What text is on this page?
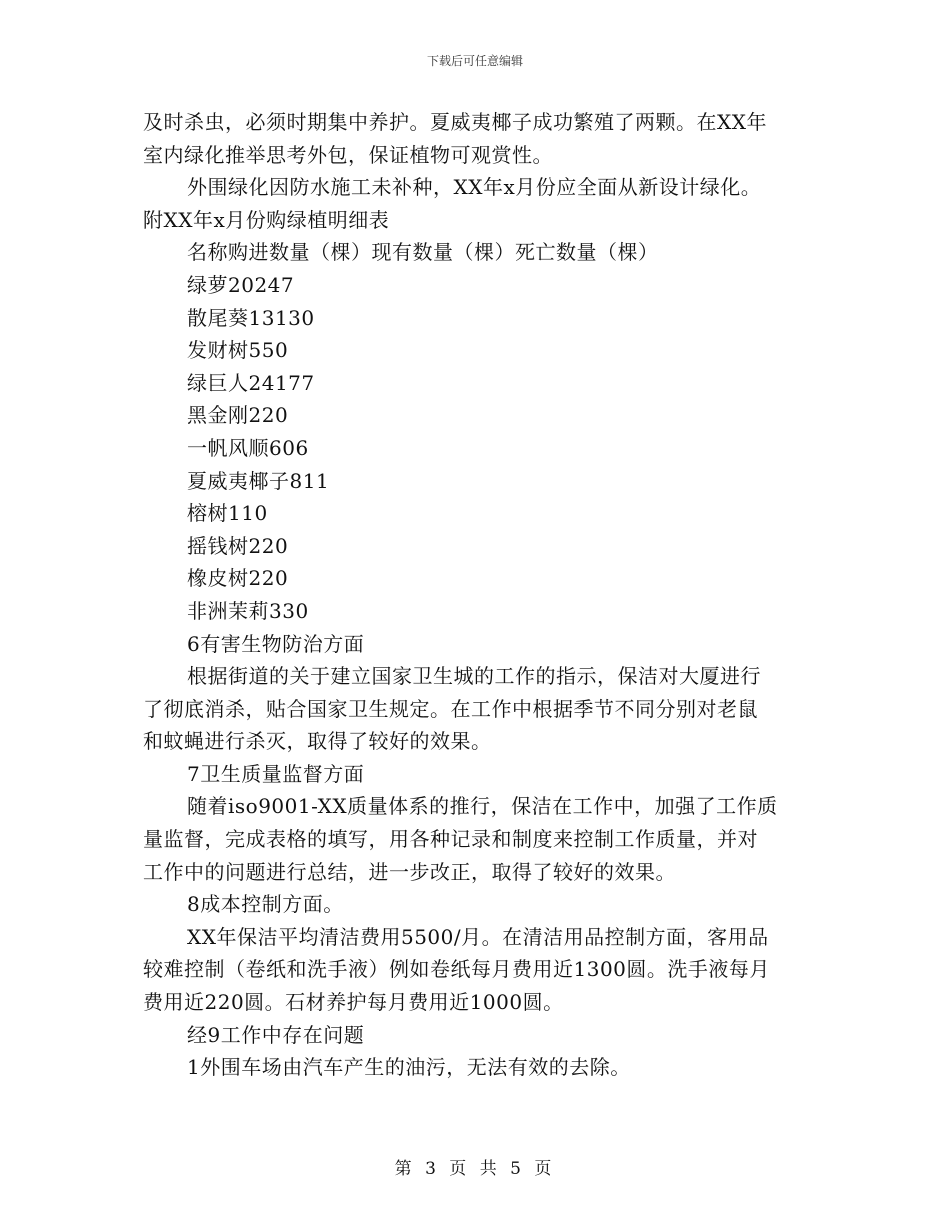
下载后可任意编辑
及时杀虫，必须时期集中养护。夏威夷椰子成功繁殖了两颗。在XX年
室内绿化推举思考外包，保证植物可观赏性。
外围绿化因防水施工未补种，XX年x月份应全面从新设计绿化。
附XX年x月份购绿植明细表
名称购进数量（棵）现有数量（棵）死亡数量（棵）
绿萝20247
散尾葵13130
发财树550
绿巨人24177
黑金刚220
一帆风顺606
夏威夷椰子811
榕树110
摇钱树220
橡皮树220
非洲茉莉330
6有害生物防治方面
根据街道的关于建立国家卫生城的工作的指示，保洁对大厦进行
了彻底消杀，贴合国家卫生规定。在工作中根据季节不同分别对老鼠
和蚊蝇进行杀灭，取得了较好的效果。
7卫生质量监督方面
随着iso9001-XX质量体系的推行，保洁在工作中，加强了工作质
量监督，完成表格的填写，用各种记录和制度来控制工作质量，并对
工作中的问题进行总结，进一步改正，取得了较好的效果。
8成本控制方面。
XX年保洁平均清洁费用5500/月。在清洁用品控制方面，客用品
较难控制（卷纸和洗手液）例如卷纸每月费用近1300圆。洗手液每月
费用近220圆。石材养护每月费用近1000圆。
经9工作中存在问题
1外围车场由汽车产生的油污，无法有效的去除。
第 3 页 共 5 页
